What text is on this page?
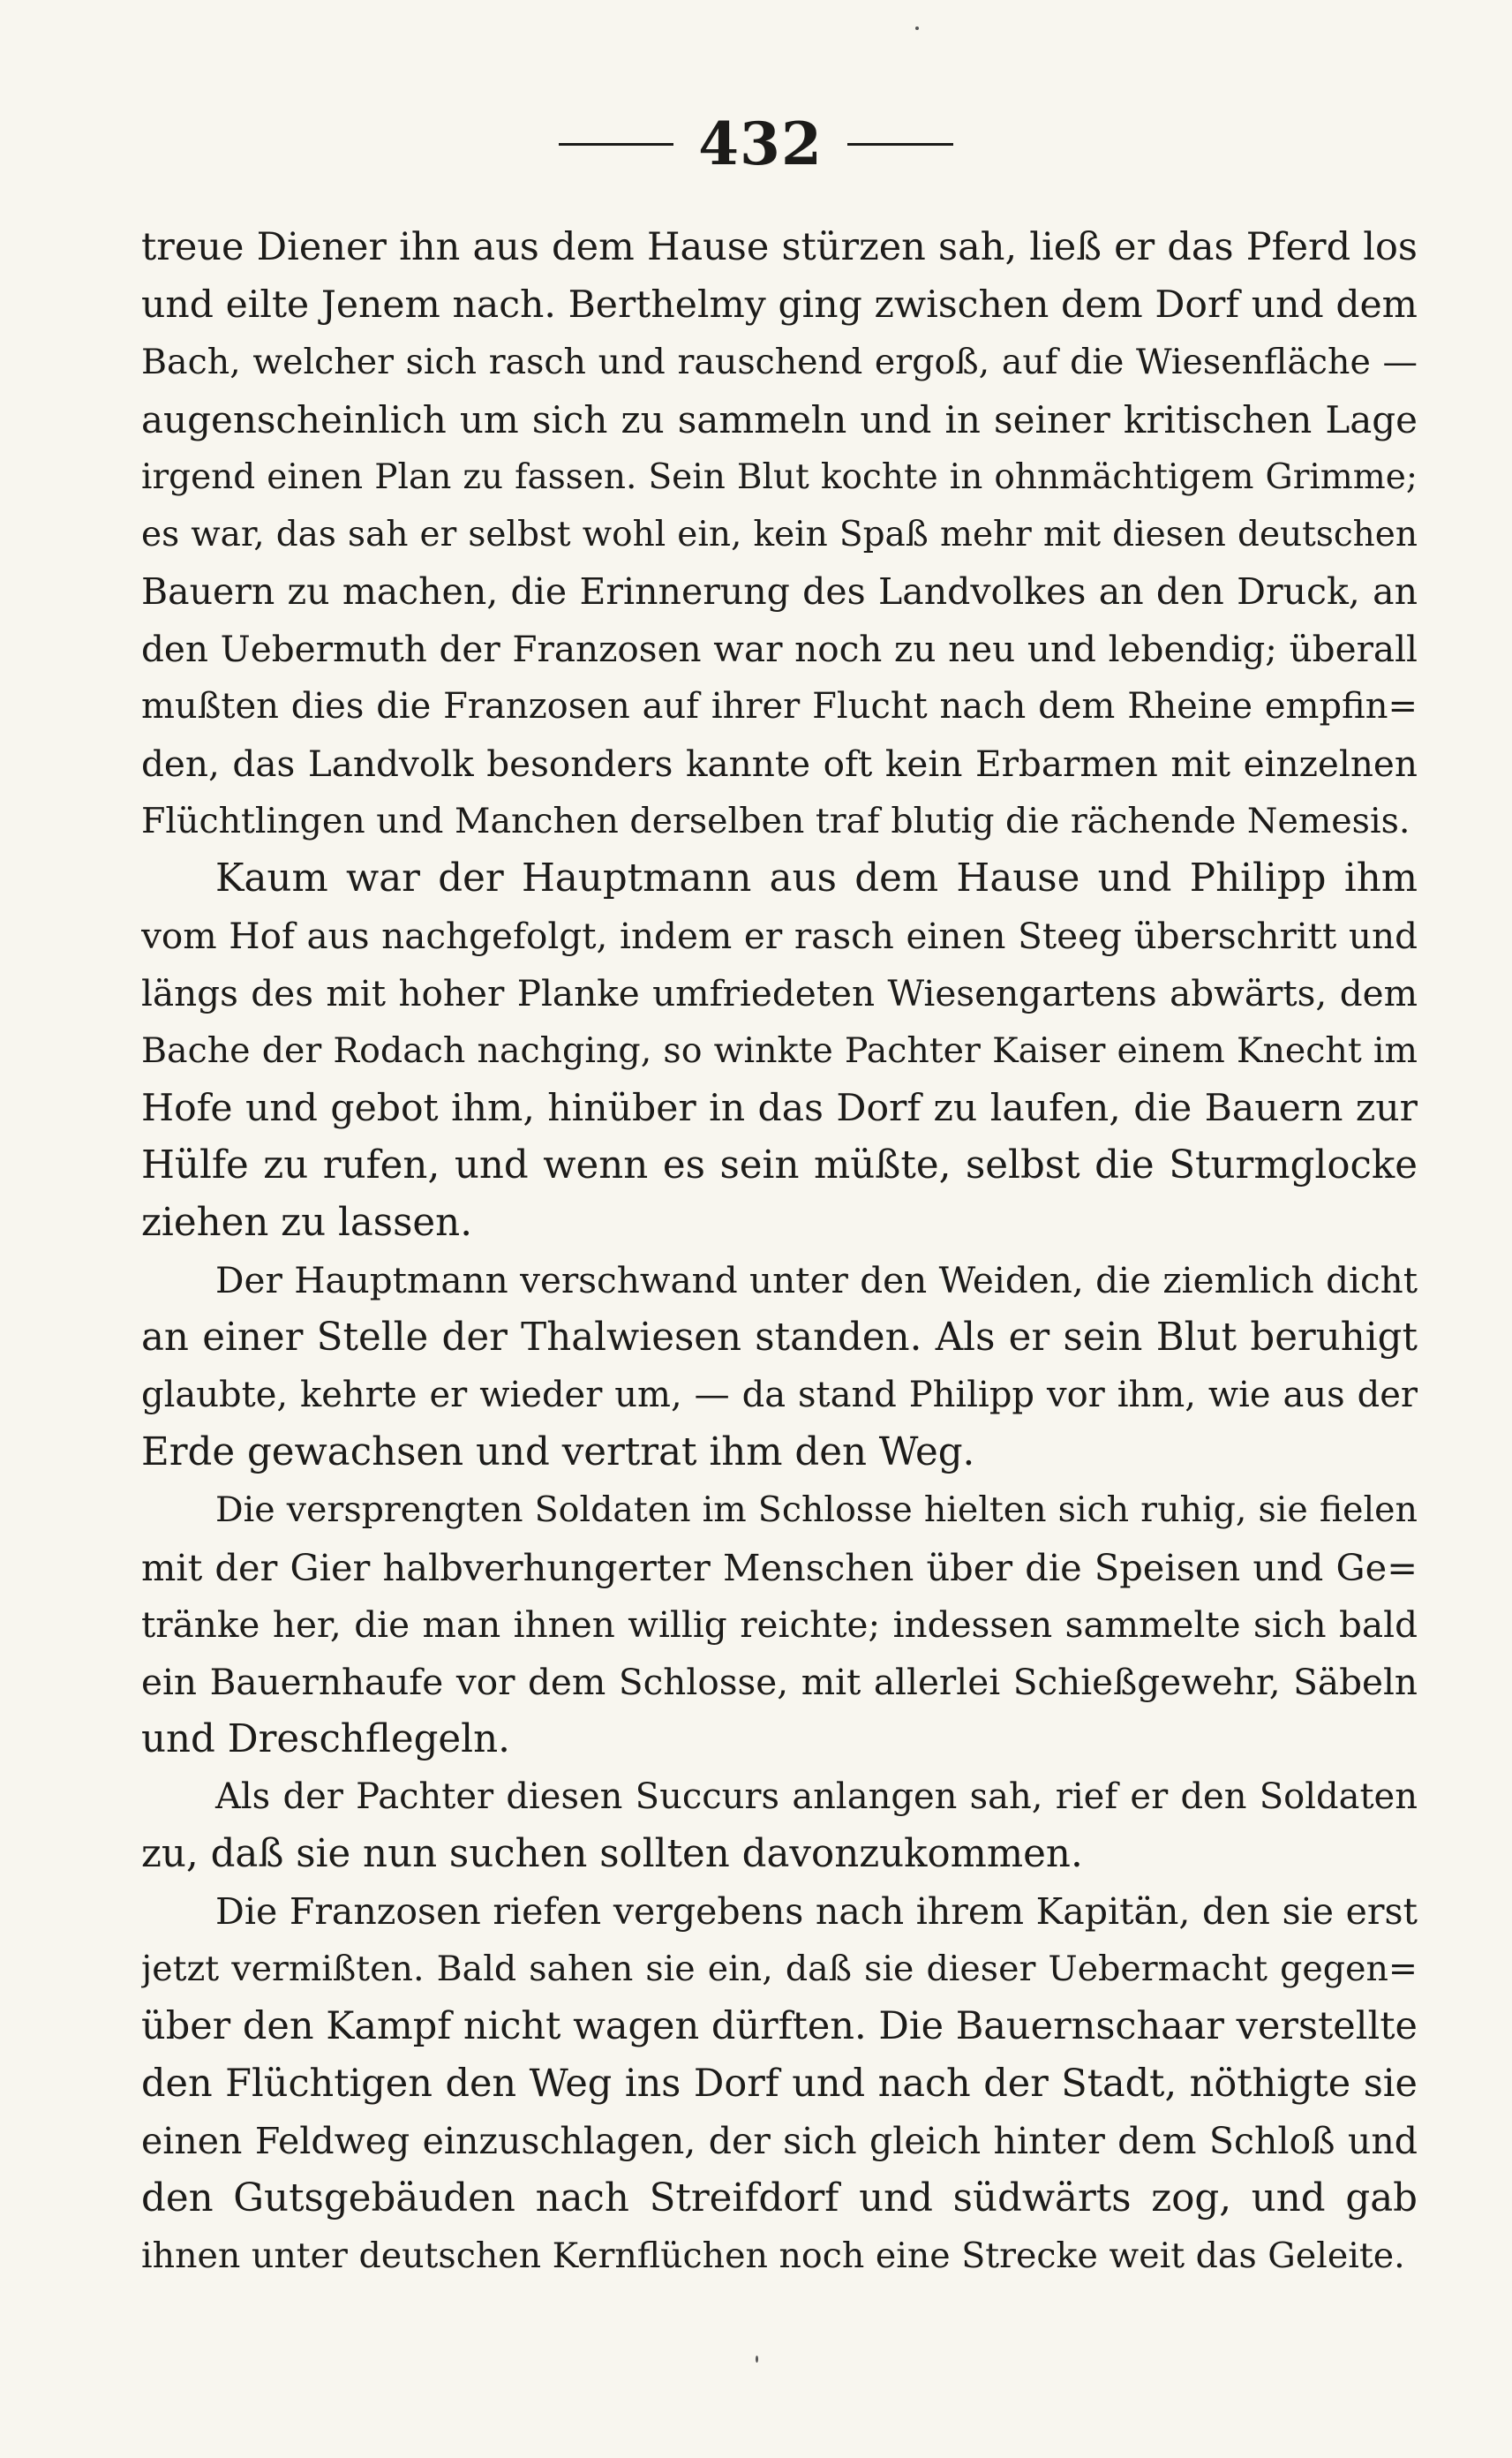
432
treue Diener ihn aus dem Hause stürzen sah, ließ er das Pferd los
und eilte Jenem nach. Berthelmy ging zwischen dem Dorf und dem
Bach, welcher sich rasch und rauschend ergoß, auf die Wiesenfläche —
augenscheinlich um sich zu sammeln und in seiner kritischen Lage
irgend einen Plan zu fassen. Sein Blut kochte in ohnmächtigem Grimme;
es war, das sah er selbst wohl ein, kein Spaß mehr mit diesen deutschen
Bauern zu machen, die Erinnerung des Landvolkes an den Druck, an
den Uebermuth der Franzosen war noch zu neu und lebendig; überall
mußten dies die Franzosen auf ihrer Flucht nach dem Rheine empfin=
den, das Landvolk besonders kannte oft kein Erbarmen mit einzelnen
Flüchtlingen und Manchen derselben traf blutig die rächende Nemesis.
Kaum war der Hauptmann aus dem Hause und Philipp ihm
vom Hof aus nachgefolgt, indem er rasch einen Steeg überschritt und
längs des mit hoher Planke umfriedeten Wiesengartens abwärts, dem
Bache der Rodach nachging, so winkte Pachter Kaiser einem Knecht im
Hofe und gebot ihm, hinüber in das Dorf zu laufen, die Bauern zur
Hülfe zu rufen, und wenn es sein müßte, selbst die Sturmglocke
ziehen zu lassen.
Der Hauptmann verschwand unter den Weiden, die ziemlich dicht
an einer Stelle der Thalwiesen standen. Als er sein Blut beruhigt
glaubte, kehrte er wieder um, — da stand Philipp vor ihm, wie aus der
Erde gewachsen und vertrat ihm den Weg.
Die versprengten Soldaten im Schlosse hielten sich ruhig, sie fielen
mit der Gier halbverhungerter Menschen über die Speisen und Ge=
tränke her, die man ihnen willig reichte; indessen sammelte sich bald
ein Bauernhaufe vor dem Schlosse, mit allerlei Schießgewehr, Säbeln
und Dreschflegeln.
Als der Pachter diesen Succurs anlangen sah, rief er den Soldaten
zu, daß sie nun suchen sollten davonzukommen.
Die Franzosen riefen vergebens nach ihrem Kapitän, den sie erst
jetzt vermißten. Bald sahen sie ein, daß sie dieser Uebermacht gegen=
über den Kampf nicht wagen dürften. Die Bauernschaar verstellte
den Flüchtigen den Weg ins Dorf und nach der Stadt, nöthigte sie
einen Feldweg einzuschlagen, der sich gleich hinter dem Schloß und
den Gutsgebäuden nach Streifdorf und südwärts zog, und gab
ihnen unter deutschen Kernflüchen noch eine Strecke weit das Geleite.
